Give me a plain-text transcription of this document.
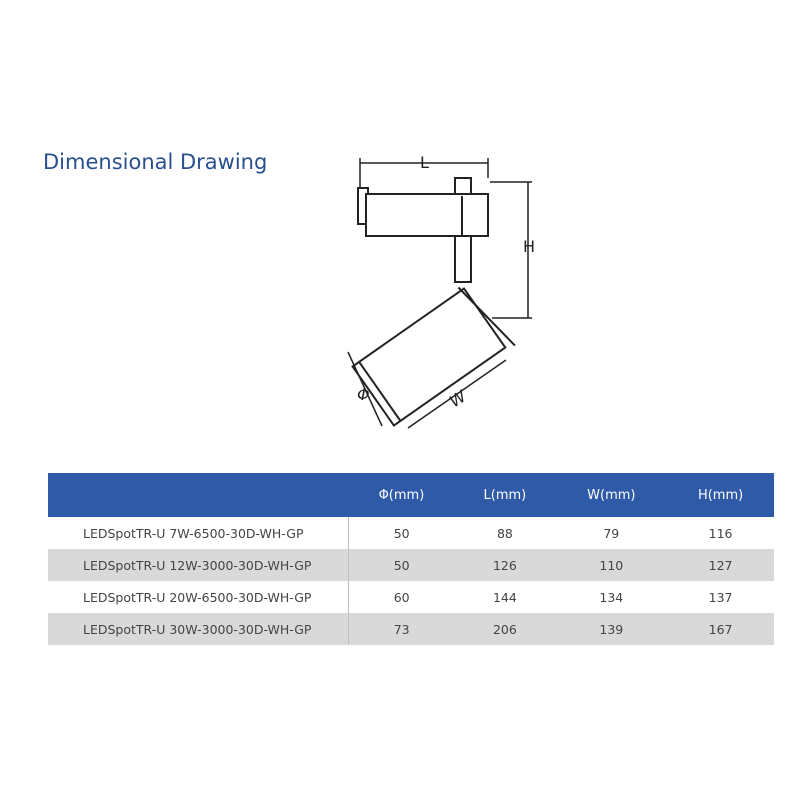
Dimensional Drawing	L
H
Φ	W
	Φ(mm)	L(mm)	W(mm)	H(mm)
LEDSpotTR-U 7W-6500-30D-WH-GP	50	88	79	116
LEDSpotTR-U 12W-3000-30D-WH-GP	50	126	110	127
LEDSpotTR-U 20W-6500-30D-WH-GP	60	144	134	137
LEDSpotTR-U 30W-3000-30D-WH-GP	73	206	139	167
